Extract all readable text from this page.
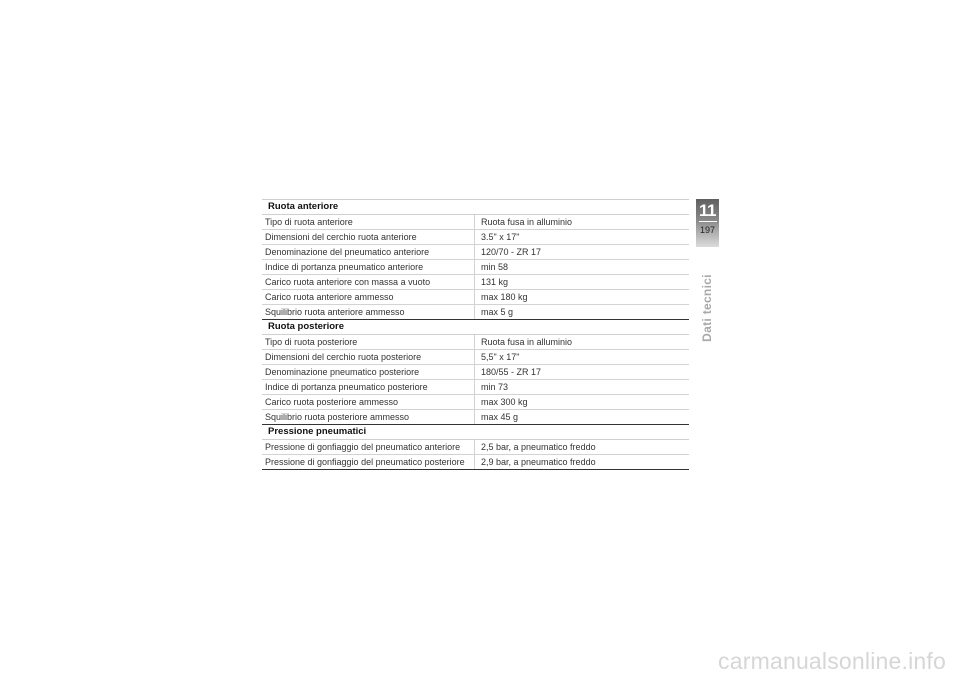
Ruota anteriore
Tipo di ruota anteriore	Ruota fusa in alluminio
Dimensioni del cerchio ruota anteriore	3.5" x 17"
Denominazione del pneumatico anteriore	120/70 - ZR 17
Indice di portanza pneumatico anteriore	min 58
Carico ruota anteriore con massa a vuoto	131 kg
Carico ruota anteriore ammesso	max 180 kg
Squilibrio ruota anteriore ammesso	max 5 g
Ruota posteriore
Tipo di ruota posteriore	Ruota fusa in alluminio
Dimensioni del cerchio ruota posteriore	5,5" x 17"
Denominazione pneumatico posteriore	180/55 - ZR 17
Indice di portanza pneumatico posteriore	min 73
Carico ruota posteriore ammesso	max 300 kg
Squilibrio ruota posteriore ammesso	max 45 g
Pressione pneumatici
Pressione di gonfiaggio del pneumatico anteriore	2,5 bar, a pneumatico freddo
Pressione di gonfiaggio del pneumatico posteriore	2,9 bar, a pneumatico freddo
11
197
Dati tecnici
carmanualsonline.info
